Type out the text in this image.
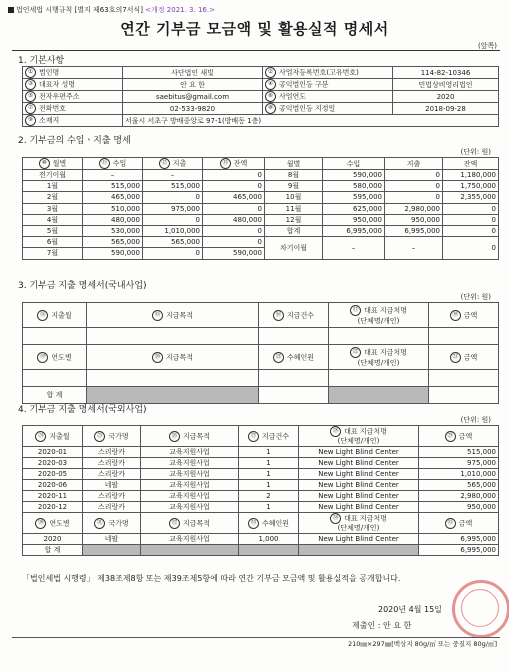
법인세법 시행규칙 [별지 제63호의7서식] <개정 2021. 3. 16.>
연간 기부금 모금액 및 활용실적 명세서
(앞쪽)
1. 기본사항
① 법인명	사단법인 새빛	② 사업자등록번호(고유번호)	114-82-10346
③ 대표자 성명	안 요 한	④ 공익법인등 구분	민법상비영리법인
⑤ 전자우편주소	saebitus@gmail.com	⑥ 사업연도	2020
⑦ 전화번호	02-533-9820	⑧ 공익법인등 지정일	2018-09-28
⑨ 소재지	서울시 서초구 방배중앙로 97-1(방배동 1층)		
2. 기부금의 수입ㆍ지출 명세
(단위: 원)
⑩ 월별	⑪ 수입	⑫ 지출	⑬ 잔액	월별	수입	지출	잔액
전기이월	–	–	0	8월	590,000	0	1,180,000
1월	515,000	515,000	0	9월	580,000	0	1,750,000
2월	465,000	0	465,000	10월	595,000	0	2,355,000
3월	510,000	975,000	0	11월	625,000	2,980,000	0
4월	480,000	0	480,000	12월	950,000	950,000	0
5월	530,000	1,010,000	0	합계	6,995,000	6,995,000	0
6월	565,000	565,000	0	차기이월	–	–	0
7월	590,000	0	590,000				
3. 기부금 지출 명세서(국내사업)
(단위: 원)
⑭ 지출월	⑮ 지급목적	⑯ 지급건수	⑰ 대표 지급처명
(단체명/개인)	⑱ 금액

⑲ 연도별	⑳ 지급목적	㉑ 수혜인원	㉒ 대표 지급처명
(단체명/개인)	㉓ 금액

합 계				
4. 기부금 지출 명세서(국외사업)
(단위: 원)
㉔ 지출월	㉕ 국가명	㉖ 지급목적	㉗ 지급건수	㉘ 대표 지급처명
(단체명/개인)	㉙ 금액
2020-01	스리랑카	교육지원사업	1	New Light Blind Center	515,000
2020-03	스리랑카	교육지원사업	1	New Light Blind Center	975,000
2020-05	스리랑카	교육지원사업	1	New Light Blind Center	1,010,000
2020-06	네팔	교육지원사업	1	New Light Blind Center	565,000
2020-11	스리랑카	교육지원사업	2	New Light Blind Center	2,980,000
2020-12	스리랑카	교육지원사업	1	New Light Blind Center	950,000
㉚ 연도별	㉛ 국가명	㉜ 지급목적	㉝ 수혜인원	㉞ 대표 지급처명
(단체명/개인)	㉟ 금액
2020	네팔	교육지원사업	1,000	New Light Blind Center	6,995,000
합 계					6,995,000
「법인세법 시행령」 제38조제8항 또는 제39조제5항에 따라 연간 기부금 모금액 및 활용실적을 공개합니다.
2020년 4월 15일
제출인 : 안 요 한
210㎜×297㎜[백상지 80g/㎡ 또는 중질지 80g/㎡]
